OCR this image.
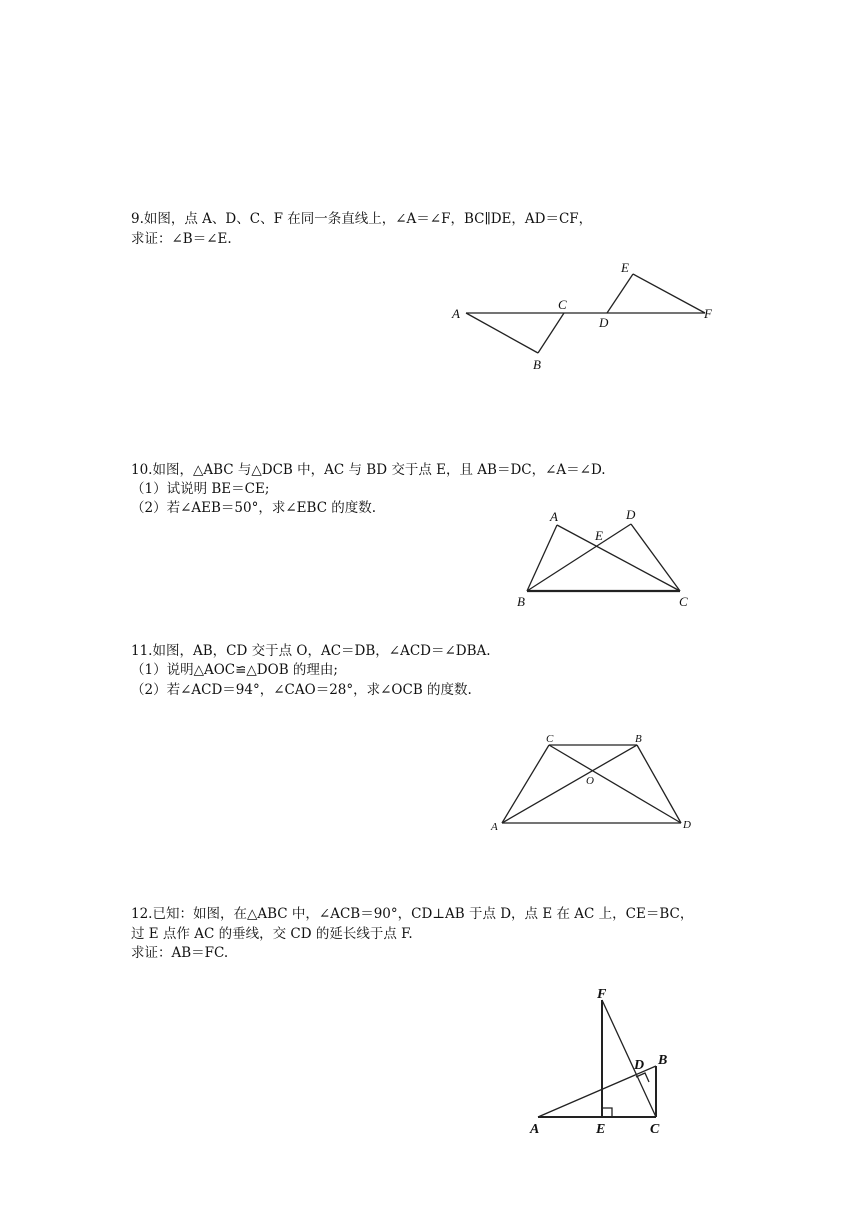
9.如图，点 A、D、C、F 在同一条直线上，∠A＝∠F，BC∥DE，AD＝CF，
求证：∠B＝∠E.
A
B
C
D
E
F
10.如图，△ABC 与△DCB 中，AC 与 BD 交于点 E，且 AB＝DC，∠A＝∠D.
（1）试说明 BE＝CE;
（2）若∠AEB＝50°，求∠EBC 的度数.
A
B	C
D
E
11.如图，AB，CD 交于点 O，AC＝DB，∠ACD＝∠DBA.
（1）说明△AOC≌△DOB 的理由;
（2）若∠ACD＝94°，∠CAO＝28°，求∠OCB 的度数.
A
B
C
D
O
12.已知：如图，在△ABC 中，∠ACB＝90°，CD⊥AB 于点 D，点 E 在 AC 上，CE＝BC，
过 E 点作 AC 的垂线，交 CD 的延长线于点 F.
求证：AB＝FC.
A
B
C
D
E
F
